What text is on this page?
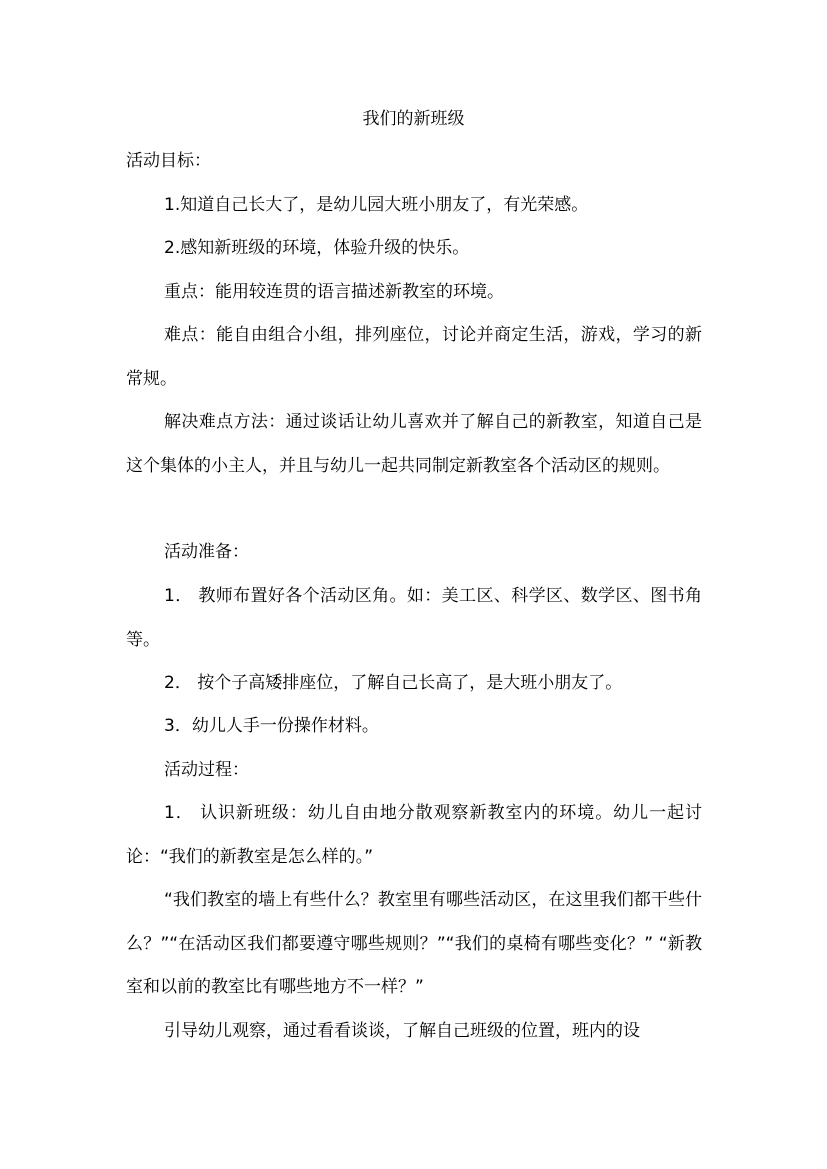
我们的新班级
活动目标：
1.知道自己长大了，是幼儿园大班小朋友了，有光荣感。
2.感知新班级的环境，体验升级的快乐。
重点：能用较连贯的语言描述新教室的环境。
难点：能自由组合小组，排列座位，讨论并商定生活，游戏，学习的新常规。
解决难点方法：通过谈话让幼儿喜欢并了解自己的新教室，知道自己是这个集体的小主人，并且与幼儿一起共同制定新教室各个活动区的规则。
活动准备：
1． 教师布置好各个活动区角。如：美工区、科学区、数学区、图书角等。
2． 按个子高矮排座位，了解自己长高了，是大班小朋友了。
3．幼儿人手一份操作材料。
活动过程：
1． 认识新班级：幼儿自由地分散观察新教室内的环境。幼儿一起讨论：“我们的新教室是怎么样的。”
“我们教室的墙上有些什么？教室里有哪些活动区，在这里我们都干些什么？”“在活动区我们都要遵守哪些规则？”“我们的桌椅有哪些变化？” “新教室和以前的教室比有哪些地方不一样？”
引导幼儿观察，通过看看谈谈，了解自己班级的位置，班内的设
